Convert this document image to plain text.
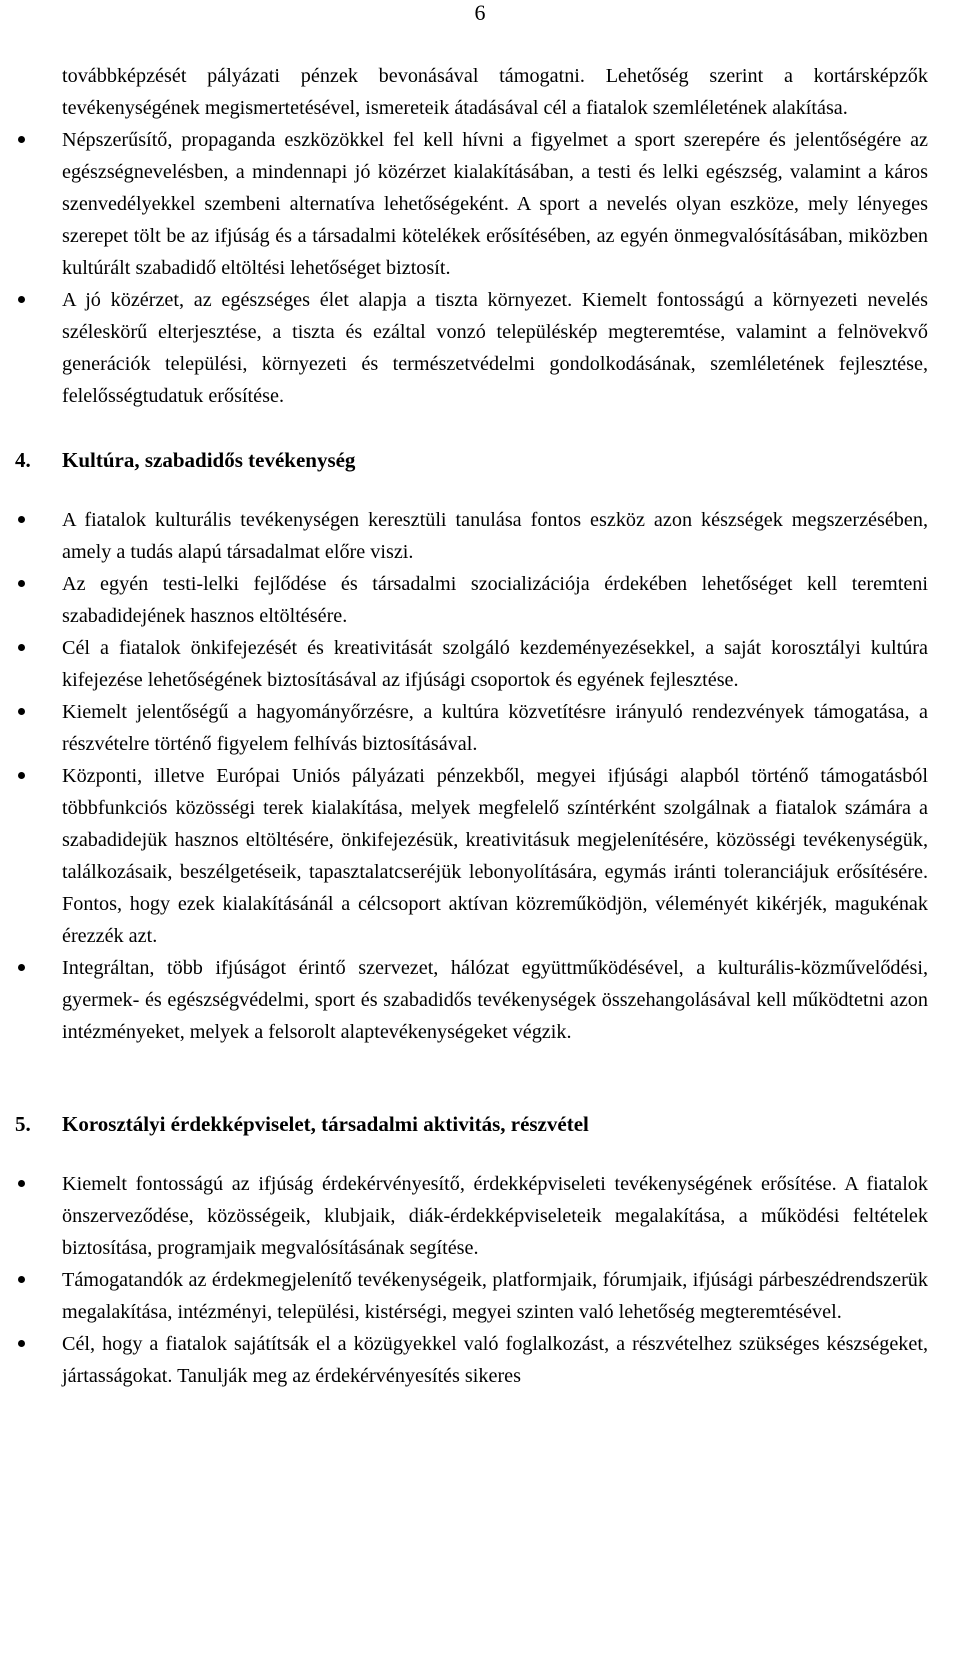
6

továbbképzését pályázati pénzek bevonásával támogatni. Lehetőség szerint a kortársképzők tevékenységének megismertetésével, ismereteik átadásával cél a fiatalok szemléletének alakítása.

Népszerűsítő, propaganda eszközökkel fel kell hívni a figyelmet a sport szerepére és jelentőségére az egészségnevelésben, a mindennapi jó közérzet kialakításában, a testi és lelki egészség, valamint a káros szenvedélyekkel szembeni alternatíva lehetőségeként. A sport a nevelés olyan eszköze, mely lényeges szerepet tölt be az ifjúság és a társadalmi kötelékek erősítésében, az egyén önmegvalósításában, miközben kultúrált szabadidő eltöltési lehetőséget biztosít.
A jó közérzet, az egészséges élet alapja a tiszta környezet. Kiemelt fontosságú a környezeti nevelés széleskörű elterjesztése, a tiszta és ezáltal vonzó településkép megteremtése, valamint a felnövekvő generációk települési, környezeti és természetvédelmi gondolkodásának, szemléletének fejlesztése, felelősségtudatuk erősítése.
4. Kultúra, szabadidős tevékenység
A fiatalok kulturális tevékenységen keresztüli tanulása fontos eszköz azon készségek megszerzésében, amely a tudás alapú társadalmat előre viszi.
Az egyén testi-lelki fejlődése és társadalmi szocializációja érdekében lehetőséget kell teremteni szabadidejének hasznos eltöltésére.
Cél a fiatalok önkifejezését és kreativitását szolgáló kezdeményezésekkel, a saját korosztályi kultúra kifejezése lehetőségének biztosításával az ifjúsági csoportok és egyének fejlesztése.
Kiemelt jelentőségű a hagyományőrzésre, a kultúra közvetítésre irányuló rendezvények támogatása, a részvételre történő figyelem felhívás biztosításával.
Központi, illetve Európai Uniós pályázati pénzekből, megyei ifjúsági alapból történő támogatásból többfunkciós közösségi terek kialakítása, melyek megfelelő színtérként szolgálnak a fiatalok számára a szabadidejük hasznos eltöltésére, önkifejezésük, kreativitásuk megjelenítésére, közösségi tevékenységük, találkozásaik, beszélgetéseik, tapasztalatcseréjük lebonyolítására, egymás iránti toleranciájuk erősítésére. Fontos, hogy ezek kialakításánál a célcsoport aktívan közreműködjön, véleményét kikérjék, magukénak érezzék azt.
Integráltan, több ifjúságot érintő szervezet, hálózat együttműködésével, a kulturális-közművelődési, gyermek- és egészségvédelmi, sport és szabadidős tevékenységek összehangolásával kell működtetni azon intézményeket, melyek a felsorolt alaptevékenységeket végzik.
5. Korosztályi érdekképviselet, társadalmi aktivitás, részvétel
Kiemelt fontosságú az ifjúság érdekérvényesítő, érdekképviseleti tevékenységének erősítése. A fiatalok önszerveződése, közösségeik, klubjaik, diák-érdekképviseleteik megalakítása, a működési feltételek biztosítása, programjaik megvalósításának segítése.
Támogatandók az érdekmegjelenítő tevékenységeik, platformjaik, fórumjaik, ifjúsági párbeszédrendszerük megalakítása, intézményi, települési, kistérségi, megyei szinten való lehetőség megteremtésével.
Cél, hogy a fiatalok sajátítsák el a közügyekkel való foglalkozást, a részvételhez szükséges készségeket, jártasságokat. Tanulják meg az érdekérvényesítés sikeres
